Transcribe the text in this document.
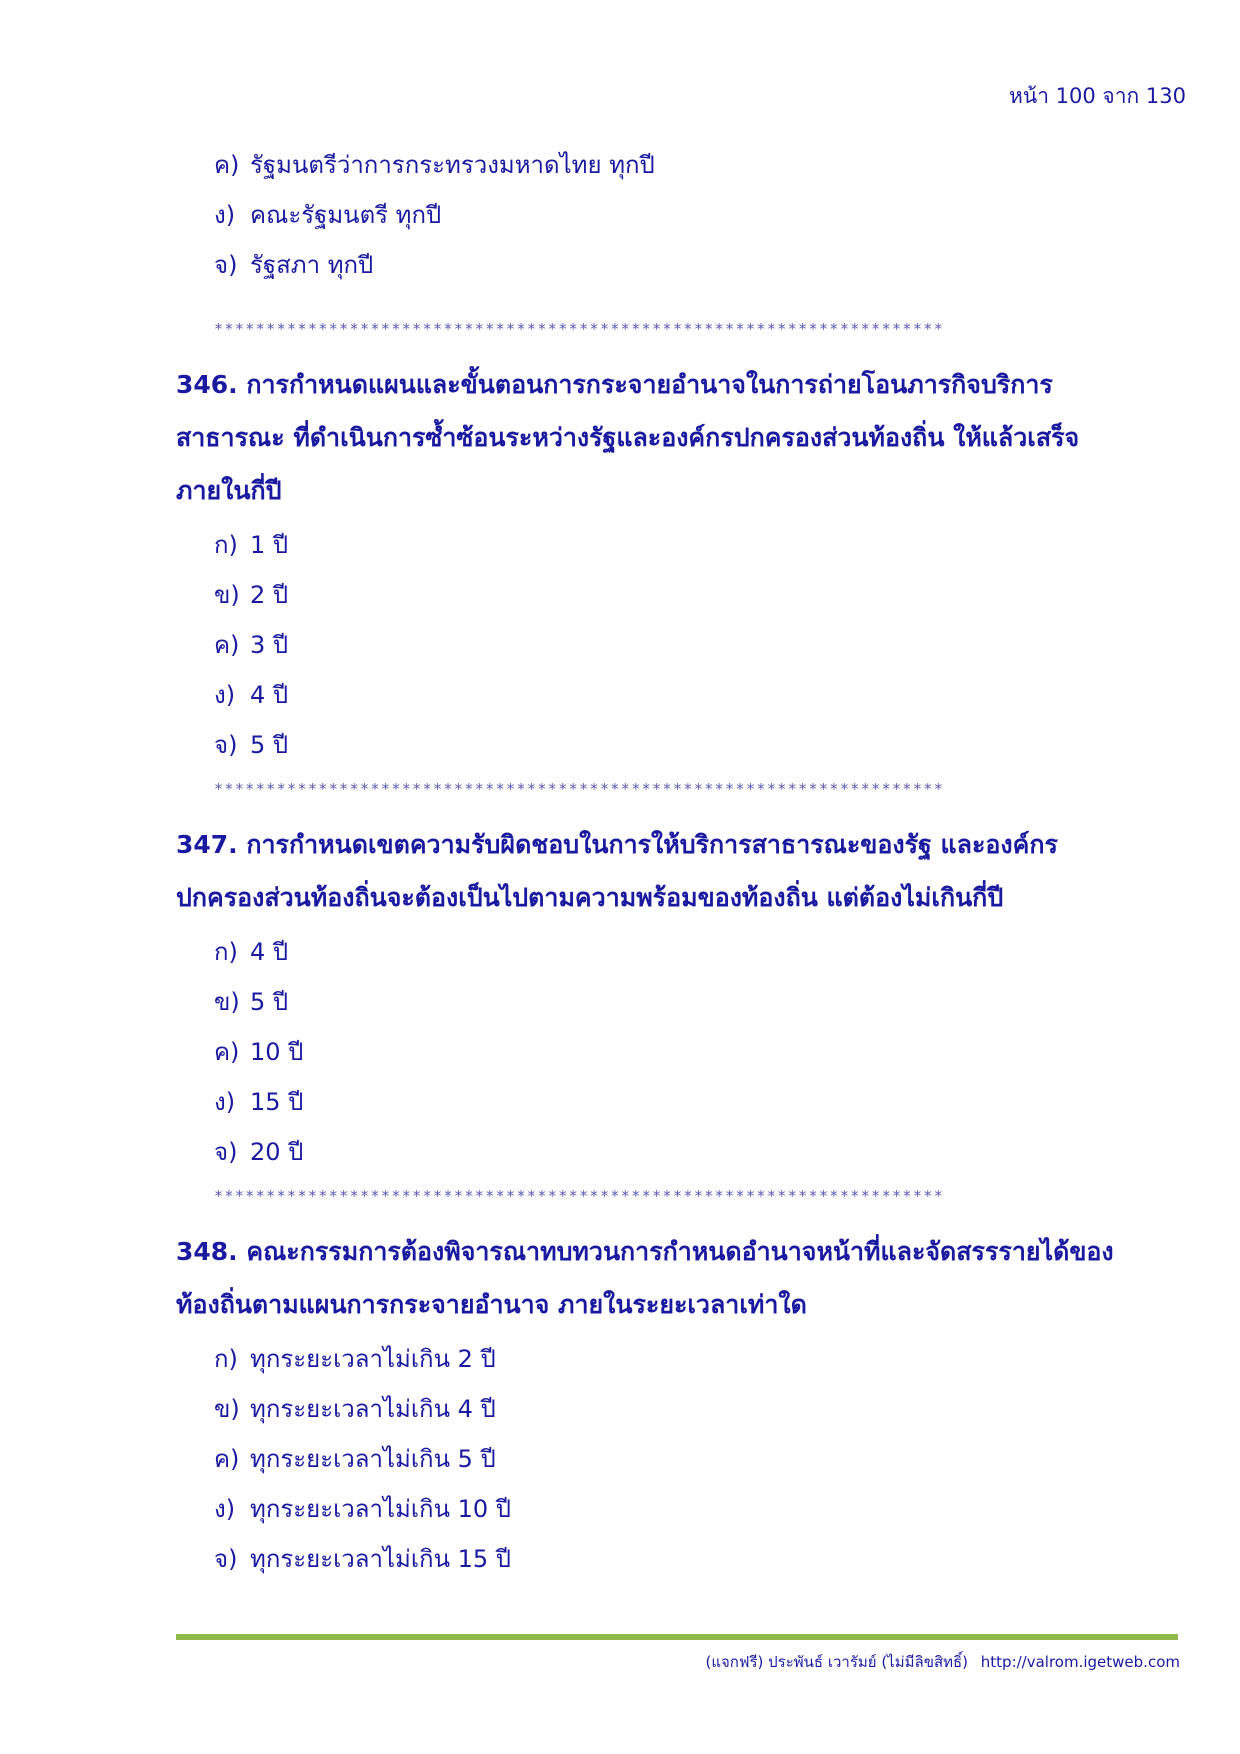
หน้า 100 จาก 130
ค) รัฐมนตรีว่าการกระทรวงมหาดไทย ทุกปี
ง) คณะรัฐมนตรี ทุกปี
จ) รัฐสภา ทุกปี
**********************************************************************
346. การกำหนดแผนและขั้นตอนการกระจายอำนาจในการถ่ายโอนภารกิจบริการ
สาธารณะ ที่ดำเนินการซ้ำซ้อนระหว่างรัฐและองค์กรปกครองส่วนท้องถิ่น ให้แล้วเสร็จ
ภายในกี่ปี
ก) 1 ปี
ข) 2 ปี
ค) 3 ปี
ง) 4 ปี
จ) 5 ปี
**********************************************************************
347. การกำหนดเขตความรับผิดชอบในการให้บริการสาธารณะของรัฐ และองค์กร
ปกครองส่วนท้องถิ่นจะต้องเป็นไปตามความพร้อมของท้องถิ่น แต่ต้องไม่เกินกี่ปี
ก) 4 ปี
ข) 5 ปี
ค) 10 ปี
ง) 15 ปี
จ) 20 ปี
**********************************************************************
348. คณะกรรมการต้องพิจารณาทบทวนการกำหนดอำนาจหน้าที่และจัดสรรรายได้ของ
ท้องถิ่นตามแผนการกระจายอำนาจ ภายในระยะเวลาเท่าใด
ก) ทุกระยะเวลาไม่เกิน 2 ปี
ข) ทุกระยะเวลาไม่เกิน 4 ปี
ค) ทุกระยะเวลาไม่เกิน 5 ปี
ง) ทุกระยะเวลาไม่เกิน 10 ปี
จ) ทุกระยะเวลาไม่เกิน 15 ปี
(แจกฟรี) ประพันธ์ เวารัมย์ (ไม่มีลิขสิทธิ์) http://valrom.igetweb.com
